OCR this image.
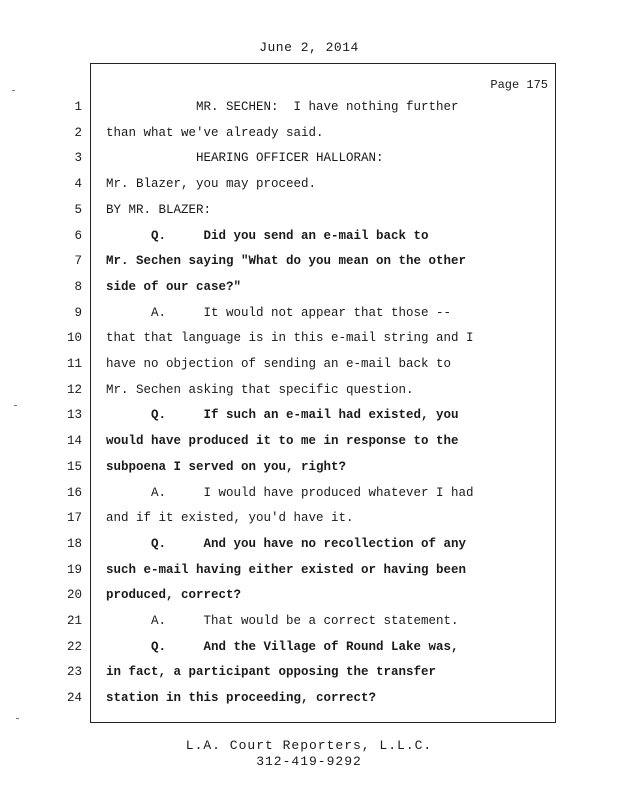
June 2, 2014
Page 175
1 MR. SECHEN:  I have nothing further
2 than what we've already said.
3 HEARING OFFICER HALLORAN:
4 Mr. Blazer, you may proceed.
5 BY MR. BLAZER:
6 Q.     Did you send an e-mail back to
7 Mr. Sechen saying "What do you mean on the other
8 side of our case?"
9 A.     It would not appear that those --
10 that that language is in this e-mail string and I
11 have no objection of sending an e-mail back to
12 Mr. Sechen asking that specific question.
13 Q.     If such an e-mail had existed, you
14 would have produced it to me in response to the
15 subpoena I served on you, right?
16 A.     I would have produced whatever I had
17 and if it existed, you'd have it.
18 Q.     And you have no recollection of any
19 such e-mail having either existed or having been
20 produced, correct?
21 A.     That would be a correct statement.
22 Q.     And the Village of Round Lake was,
23 in fact, a participant opposing the transfer
24 station in this proceeding, correct?
L.A. Court Reporters, L.L.C.
312-419-9292
